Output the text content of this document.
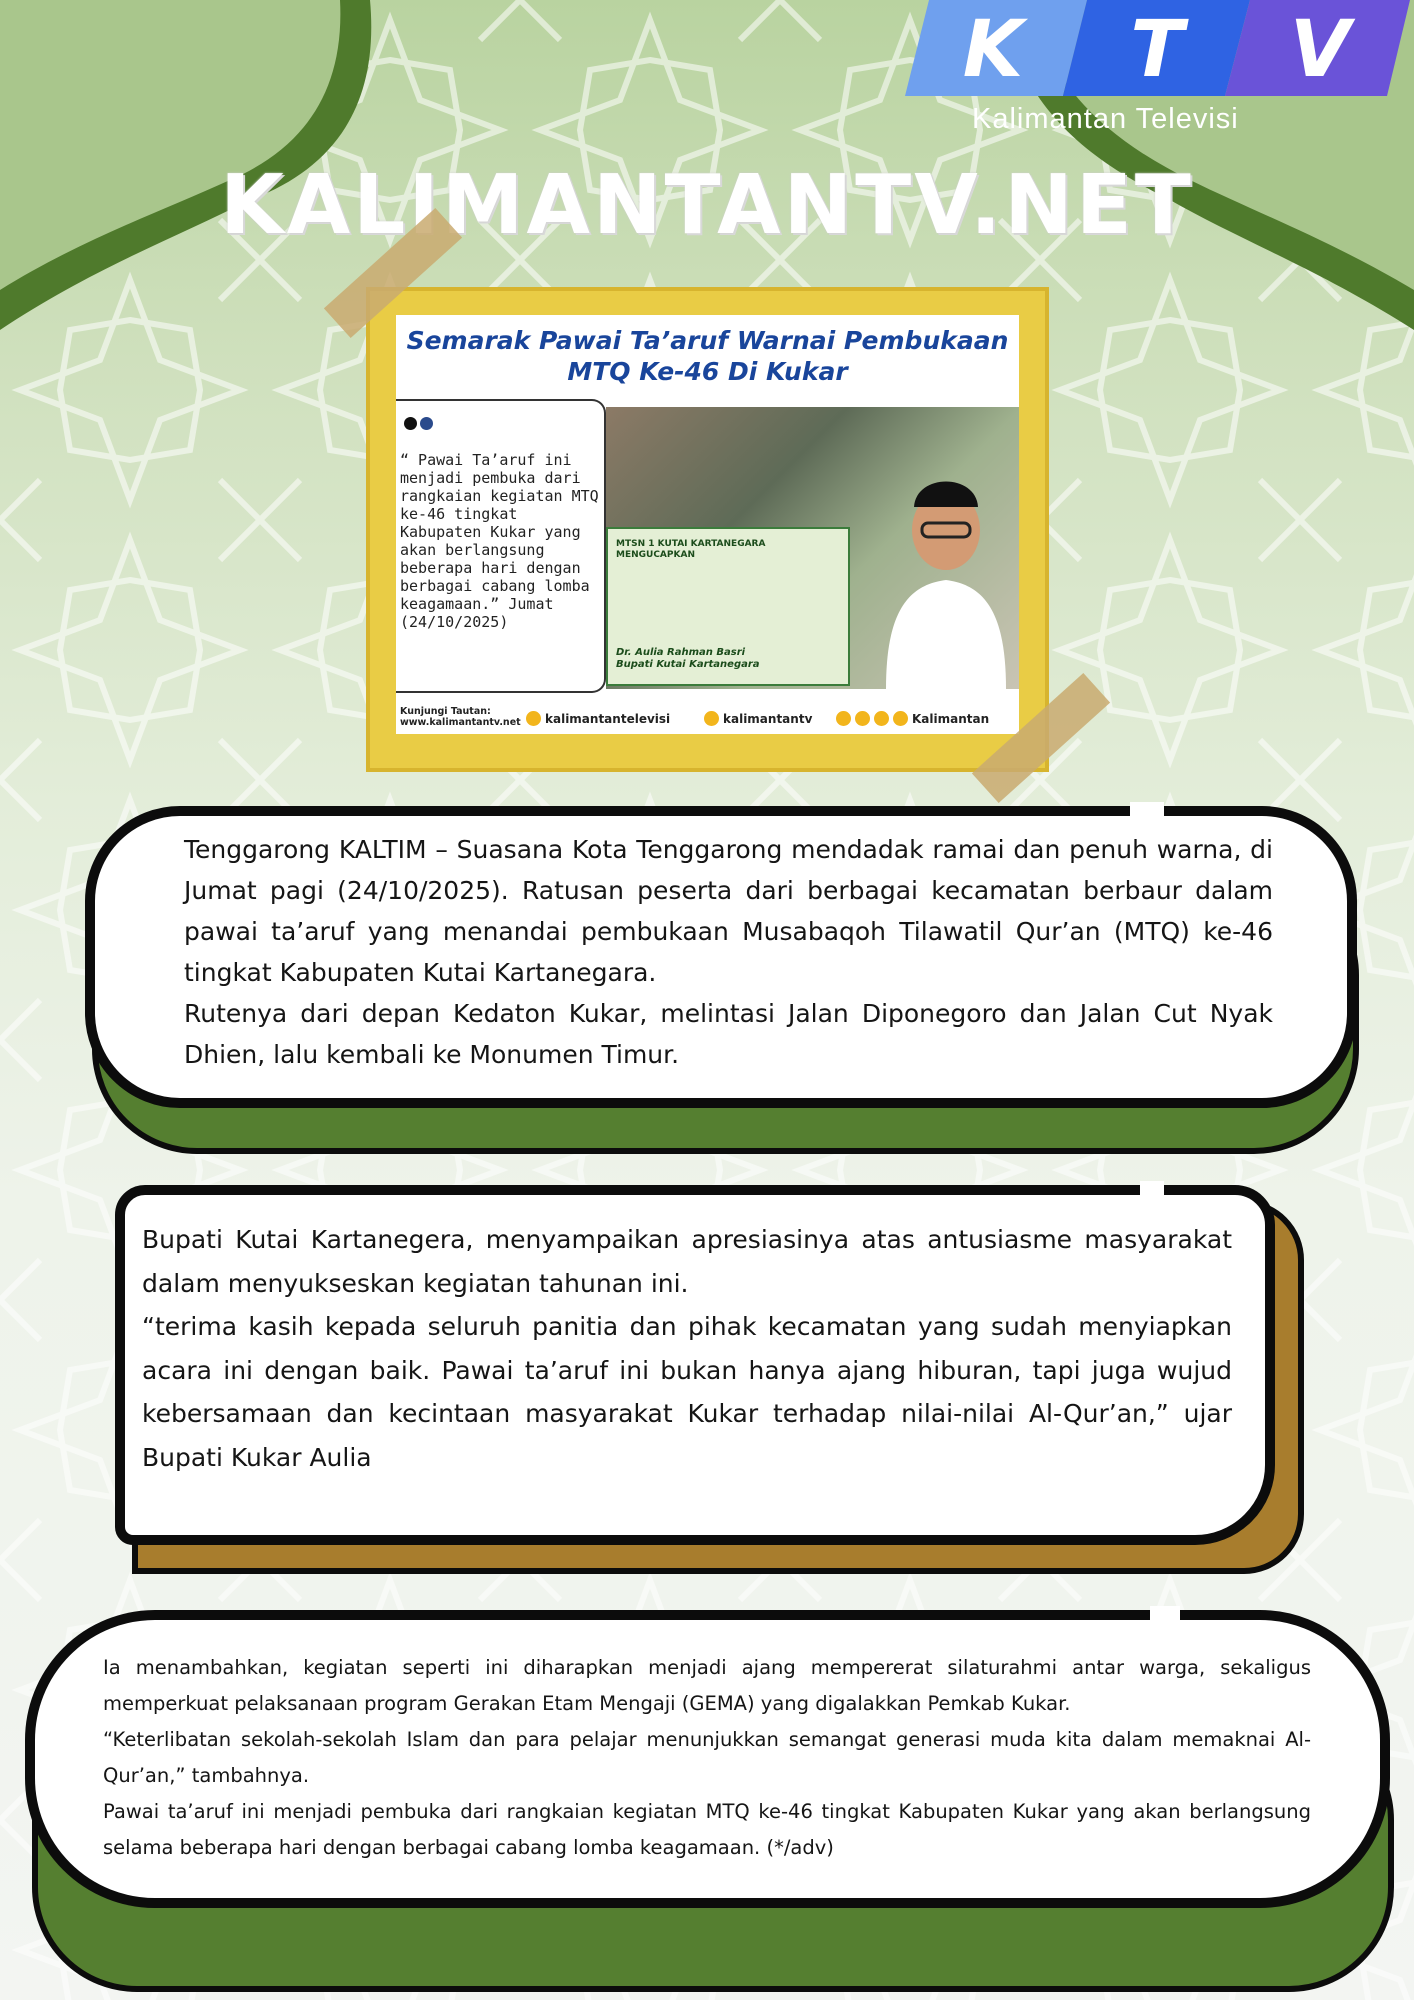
K T V
Kalimantan Televisi
KALIMANTANTV.NET
Semarak Pawai Ta’aruf Warnai Pembukaan
MTQ Ke-46 Di Kukar
MTSN 1 KUTAI KARTANEGARA MENGUCAPKAN
Dr. Aulia Rahman Basri
Bupati Kutai Kartanegara
“ Pawai Ta’aruf ini menjadi pembuka dari rangkaian kegiatan MTQ ke-46 tingkat Kabupaten Kukar yang akan berlangsung beberapa hari dengan berbagai cabang lomba keagamaan.” Jumat (24/10/2025)
Kunjungi Tautan:
www.kalimantantv.net	kalimantantelevisi	kalimantantv	Kalimantan

Tenggarong KALTIM – Suasana Kota Tenggarong mendadak ramai dan penuh warna, di Jumat pagi (24/10/2025). Ratusan peserta dari berbagai kecamatan berbaur dalam pawai ta’aruf yang menandai pembukaan Musabaqoh Tilawatil Qur’an (MTQ) ke-46 tingkat Kabupaten Kutai Kartanegara.

Rutenya dari depan Kedaton Kukar, melintasi Jalan Diponegoro dan Jalan Cut Nyak Dhien, lalu kembali ke Monumen Timur.

Bupati Kutai Kartanegera, menyampaikan apresiasinya atas antusiasme masyarakat dalam menyukseskan kegiatan tahunan ini.

“terima kasih kepada seluruh panitia dan pihak kecamatan yang sudah menyiapkan acara ini dengan baik. Pawai ta’aruf ini bukan hanya ajang hiburan, tapi juga wujud kebersamaan dan kecintaan masyarakat Kukar terhadap nilai-nilai Al-Qur’an,” ujar Bupati Kukar Aulia

Ia menambahkan, kegiatan seperti ini diharapkan menjadi ajang mempererat silaturahmi antar warga, sekaligus memperkuat pelaksanaan program Gerakan Etam Mengaji (GEMA) yang digalakkan Pemkab Kukar.

“Keterlibatan sekolah-sekolah Islam dan para pelajar menunjukkan semangat generasi muda kita dalam memaknai Al-Qur’an,” tambahnya.

Pawai ta’aruf ini menjadi pembuka dari rangkaian kegiatan MTQ ke-46 tingkat Kabupaten Kukar yang akan berlangsung selama beberapa hari dengan berbagai cabang lomba keagamaan. (*/adv)
